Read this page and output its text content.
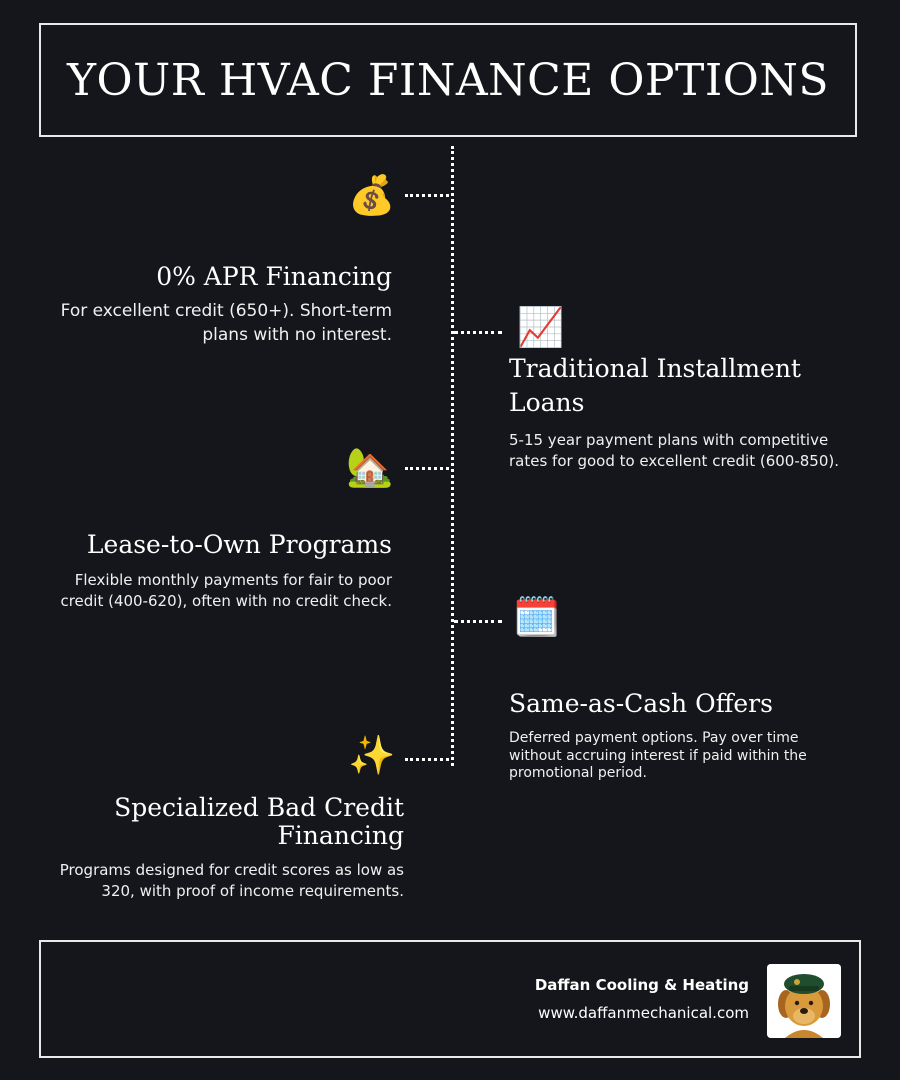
YOUR HVAC FINANCE OPTIONS
💰
0% APR Financing

For excellent credit (650+). Short-term plans with no interest.	📈
Traditional Installment Loans

5-15 year payment plans with competitive rates for good to excellent credit (600-850).

🏡
Lease-to-Own Programs

Flexible monthly payments for fair to poor credit (400-620), often with no credit check.	🗓️
Same-as-Cash Offers

Deferred payment options. Pay over time without accruing interest if paid within the promotional period.

✨
Specialized Bad Credit Financing

Programs designed for credit scores as low as 320, with proof of income requirements.

Daffan Cooling & Heating
www.daffanmechanical.com
